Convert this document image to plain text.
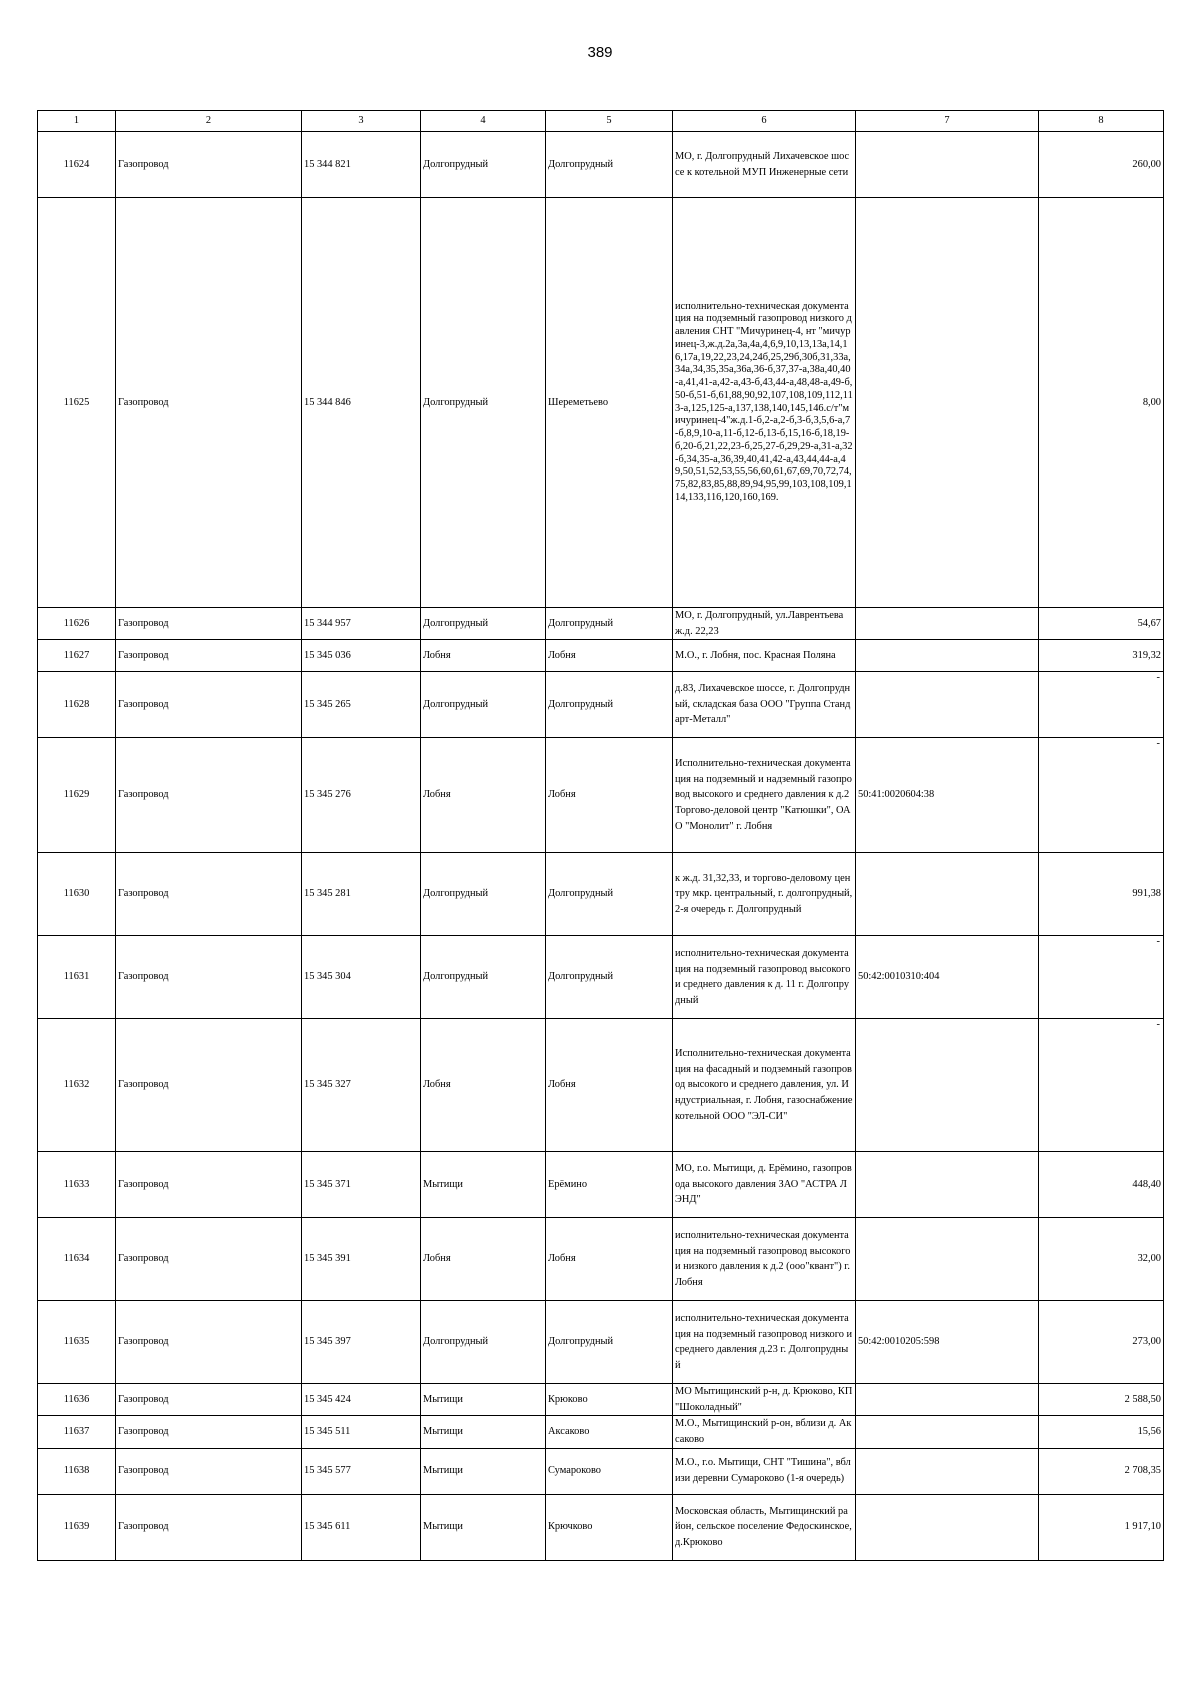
389
1	2	3	4	5	6	7	8
11624	Газопровод	15 344 821	Долгопрудный	Долгопрудный	МО, г. Долгопрудный Лихачевское шоссе к котельной МУП Инженерные сети		260,00

11625	Газопровод	15 344 846	Долгопрудный	Шереметьево	исполнительно-техническая документация на подземный газопровод низкого давления СНТ "Мичуринец-4, нт "мичуринец-3,ж.д.2а,3а,4а,4,6,9,10,13,13а,14,16,17а,19,22,23,24,24б,25,29б,30б,31,33а,34а,34,35,35а,36а,36-б,37,37-а,38а,40,40-а,41,41-а,42-а,43-б,43,44-а,48,48-а,49-б,50-б,51-б,61,88,90,92,107,108,109,112,113-а,125,125-а,137,138,140,145,146.с/т"мичуринец-4"ж.д.1-б,2-а,2-б,3-б,3,5,6-а,7-б,8,9,10-а,11-б,12-б,13-б,15,16-б,18,19-б,20-б,21,22,23-б,25,27-б,29,29-а,31-а,32-б,34,35-а,36,39,40,41,42-а,43,44,44-а,49,50,51,52,53,55,56,60,61,67,69,70,72,74,75,82,83,85,88,89,94,95,99,103,108,109,114,133,116,120,160,169.		8,00

11626	Газопровод	15 344 957	Долгопрудный	Долгопрудный	МО, г. Долгопрудный, ул.Лаврентьева ж.д. 22,23		54,67

11627	Газопровод	15 345 036	Лобня	Лобня	М.О., г. Лобня, пос. Красная Поляна		319,32

11628	Газопровод	15 345 265	Долгопрудный	Долгопрудный	д.83, Лихачевское шоссе, г. Долгопрудный, складская база ООО "Группа Стандарт-Металл"		-

11629	Газопровод	15 345 276	Лобня	Лобня	Исполнительно-техническая документация на подземный и надземный газопровод высокого и среднего давления к д.2 Торгово-деловой центр "Катюшки", ОАО "Монолит" г. Лобня	50:41:0020604:38	-

11630	Газопровод	15 345 281	Долгопрудный	Долгопрудный	к ж.д. 31,32,33, и торгово-деловому центру мкр. центральный, г. долгопрудный, 2-я очередь г. Долгопрудный		991,38

11631	Газопровод	15 345 304	Долгопрудный	Долгопрудный	исполнительно-техническая документация на подземный газопровод высокого и среднего давления к д. 11 г. Долгопрудный	50:42:0010310:404	-

11632	Газопровод	15 345 327	Лобня	Лобня	Исполнительно-техническая документация на фасадный и подземный газопровод высокого и среднего давления, ул. Индустриальная, г. Лобня, газоснабжение котельной ООО "ЭЛ-СИ"		-

11633	Газопровод	15 345 371	Мытищи	Ерёмино	МО, г.о. Мытищи, д. Ерёмино, газопровода высокого давления ЗАО "АСТРА ЛЭНД"		448,40

11634	Газопровод	15 345 391	Лобня	Лобня	исполнительно-техническая документация на подземный газопровод высокого и низкого давления к д.2 (ооо"квант") г. Лобня		32,00

11635	Газопровод	15 345 397	Долгопрудный	Долгопрудный	исполнительно-техническая документация на подземный газопровод низкого и среднего давления д.23 г. Долгопрудный	50:42:0010205:598	273,00

11636	Газопровод	15 345 424	Мытищи	Крюково	МО Мытищинский р-н, д. Крюково, КП "Шоколадный"		2 588,50

11637	Газопровод	15 345 511	Мытищи	Аксаково	М.О., Мытищинский р-он, вблизи д. Аксаково		15,56

11638	Газопровод	15 345 577	Мытищи	Сумароково	М.О., г.о. Мытищи, СНТ "Тишина", вблизи деревни Сумароково (1-я очередь)		2 708,35

11639	Газопровод	15 345 611	Мытищи	Крючково	Московская область, Мытищинский район, сельское поселение Федоскинское, д.Крюково		1 917,10
